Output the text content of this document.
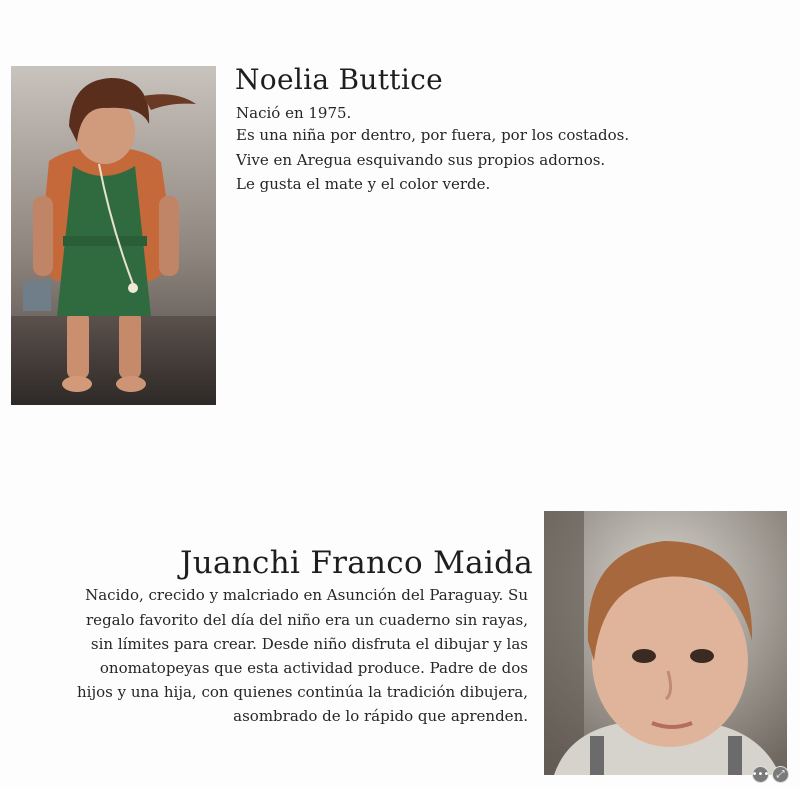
Noelia Buttice
Nació en 1975.
Es una niña por dentro, por fuera, por los costados.
Vive en Aregua esquivando sus propios adornos.
Le gusta el mate y el color verde.
Juanchi Franco Maida
Nacido, crecido y malcriado en Asunción del Paraguay. Su
regalo favorito del día del niño era un cuaderno sin rayas,
sin límites para crear. Desde niño disfruta el dibujar y las
onomatopeyas que esta actividad produce. Padre de dos
hijos y una hija, con quienes continúa la tradición dibujera,
asombrado de lo rápido que aprenden.
••• ⤢
